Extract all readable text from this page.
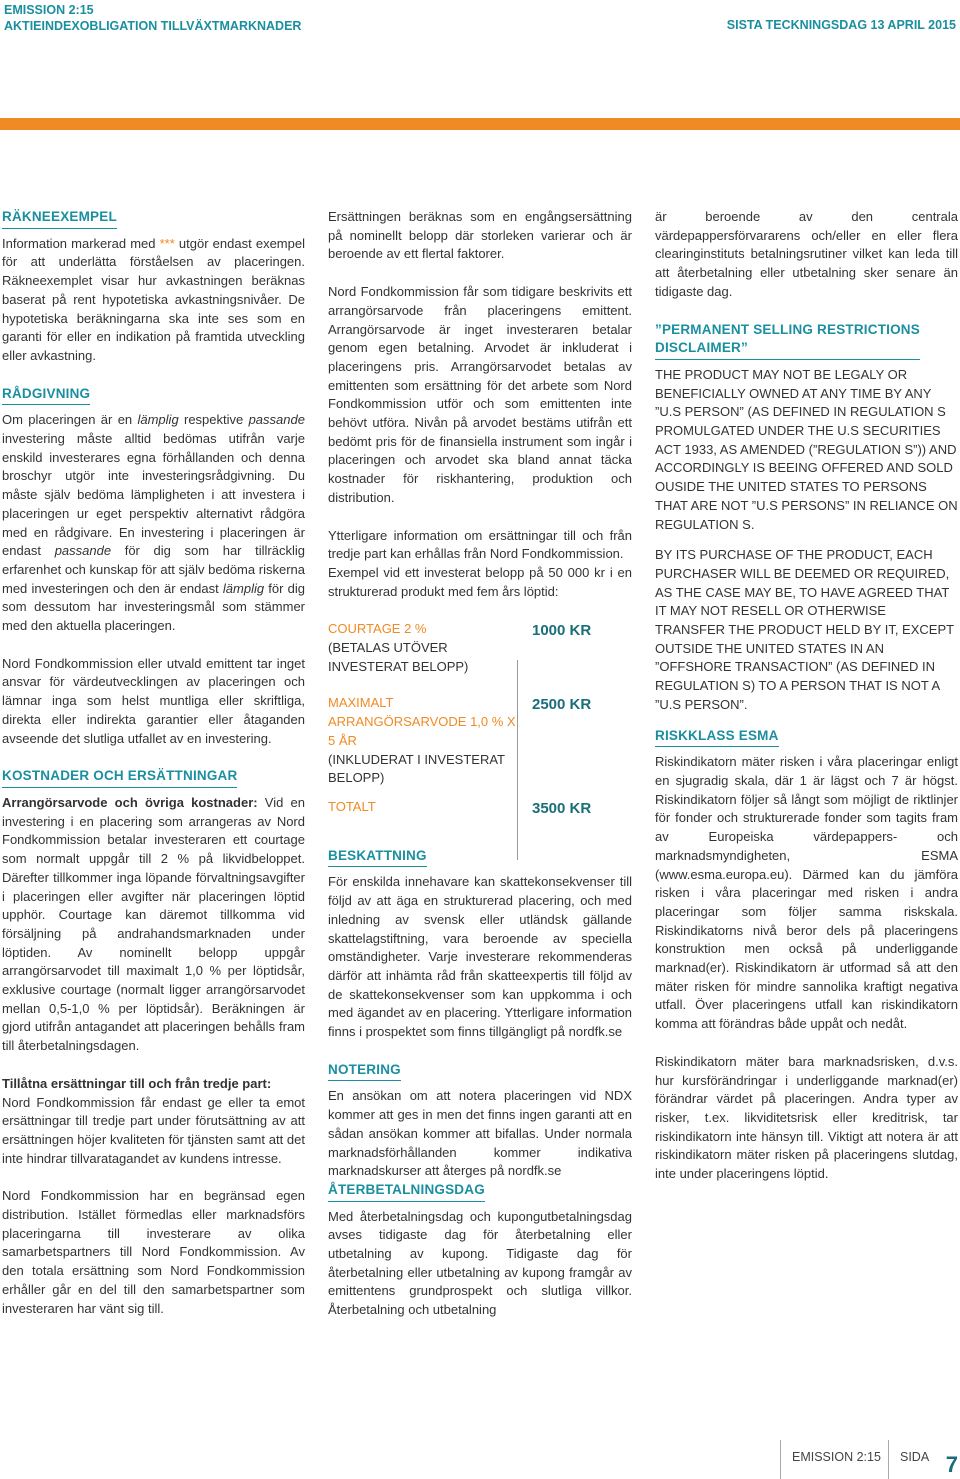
EMISSION 2:15
AKTIEINDEXOBLIGATION TILLVÄXTMARKNADER	SISTA TECKNINGSDAG 13 APRIL 2015
RÄKNEEXEMPEL

Information markerad med *** utgör endast exempel för att underlätta förståelsen av placeringen. Räkneexemplet visar hur avkastningen beräknas baserat på rent hypotetiska avkastningsnivåer. De hypotetiska beräkningarna ska inte ses som en garanti för eller en indikation på framtida utveckling eller avkastning.

RÅDGIVNING

Om placeringen är en lämplig respektive passande investering måste alltid bedömas utifrån varje enskild investerares egna förhållanden och denna broschyr utgör inte investeringsrådgivning. Du måste själv bedöma lämpligheten i att investera i placeringen ur eget perspektiv alternativt rådgöra med en rådgivare. En investering i placeringen är endast passande för dig som har tillräcklig erfarenhet och kunskap för att själv bedöma riskerna med investeringen och den är endast lämplig för dig som dessutom har investeringsmål som stämmer med den aktuella placeringen.

Nord Fondkommission eller utvald emittent tar inget ansvar för värdeutvecklingen av placeringen och lämnar inga som helst muntliga eller skriftliga, direkta eller indirekta garantier eller åtaganden avseende det slutliga utfallet av en investering.

KOSTNADER OCH ERSÄTTNINGAR

Arrangörsarvode och övriga kostnader: Vid en investering i en placering som arrangeras av Nord Fondkommission betalar investeraren ett courtage som normalt uppgår till 2 % på likvidbeloppet. Därefter tillkommer inga löpande förvaltningsavgifter i placeringen eller avgifter när placeringen löptid upphör. Courtage kan däremot tillkomma vid försäljning på andrahandsmarknaden under löptiden. Av nominellt belopp uppgår arrangörsarvodet till maximalt 1,0 % per löptidsår, exklusive courtage (normalt ligger arrangörsarvodet mellan 0,5-1,0 % per löptidsår). Beräkningen är gjord utifrån antagandet att placeringen behålls fram till återbetalningsdagen.

Tillåtna ersättningar till och från tredje part:
Nord Fondkommission får endast ge eller ta emot ersättningar till tredje part under förutsättning av att ersättningen höjer kvaliteten för tjänsten samt att det inte hindrar tillvaratagandet av kundens intresse.

Nord Fondkommission har en begränsad egen distribution. Istället förmedlas eller marknadsförs placeringarna till investerare av olika samarbetspartners till Nord Fondkommission. Av den totala ersättning som Nord Fondkommission erhåller går en del till den samarbetspartner som investeraren har vänt sig till.

Ersättningen beräknas som en engångsersättning på nominellt belopp där storleken varierar och är beroende av ett flertal faktorer.

Nord Fondkommission får som tidigare beskrivits ett arrangörsarvode från placeringens emittent. Arrangörsarvode är inget investeraren betalar genom egen betalning. Arvodet är inkluderat i placeringens pris. Arrangörsarvodet betalas av emittenten som ersättning för det arbete som Nord Fondkommission utför och som emittenten inte behövt utföra. Nivån på arvodet bestäms utifrån ett bedömt pris för de finansiella instrument som ingår i placeringen och arvodet ska bland annat täcka kostnader för riskhantering, produktion och distribution.

Ytterligare information om ersättningar till och från tredje part kan erhållas från Nord Fondkommission.

Exempel vid ett investerat belopp på 50 000 kr i en strukturerad produkt med fem års löptid:

COURTAGE 2 %
(BETALAS UTÖVER INVESTERAT BELOPP)
1000 KR
MAXIMALT ARRANGÖRSARVODE 1,0 % X 5 ÅR
(INKLUDERAT I INVESTERAT BELOPP)
2500 KR
TOTALT	3500 KR
BESKATTNING

För enskilda innehavare kan skattekonsekvenser till följd av att äga en strukturerad placering, och med inledning av svensk eller utländsk gällande skattelagstiftning, vara beroende av speciella omständigheter. Varje investerare rekommenderas därför att inhämta råd från skatteexpertis till följd av de skattekonsekvenser som kan uppkomma i och med ägandet av en placering. Ytterligare information finns i prospektet som finns tillgängligt på nordfk.se

NOTERING

En ansökan om att notera placeringen vid NDX kommer att ges in men det finns ingen garanti att en sådan ansökan kommer att bifallas. Under normala marknadsförhållanden kommer indikativa marknadskurser att återges på nordfk.se

ÅTERBETALNINGSDAG

Med återbetalningsdag och kupongutbetalningsdag avses tidigaste dag för återbetalning eller utbetalning av kupong. Tidigaste dag för återbetalning eller utbetalning av kupong framgår av emittentens grundprospekt och slutliga villkor. Återbetalning och utbetalning

är beroende av den centrala värdepappersförvararens och/eller en eller flera clearinginstituts betalningsrutiner vilket kan leda till att återbetalning eller utbetalning sker senare än tidigaste dag.

”PERMANENT SELLING RESTRICTIONS
DISCLAIMER”

THE PRODUCT MAY NOT BE LEGALY OR BENEFICIALLY OWNED AT ANY TIME BY ANY ”U.S PERSON” (AS DEFINED IN REGULATION S PROMULGATED UNDER THE U.S SECURITIES ACT 1933, AS AMENDED (”REGULATION S”)) AND ACCORDINGLY IS BEEING OFFERED AND SOLD OUSIDE THE UNITED STATES TO PERSONS THAT ARE NOT ”U.S PERSONS” IN RELIANCE ON REGULATION S.

BY ITS PURCHASE OF THE PRODUCT, EACH PURCHASER WILL BE DEEMED OR REQUIRED, AS THE CASE MAY BE, TO HAVE AGREED THAT IT MAY NOT RESELL OR OTHERWISE TRANSFER THE PRODUCT HELD BY IT, EXCEPT OUTSIDE THE UNITED STATES IN AN ”OFFSHORE TRANSACTION” (AS DEFINED IN REGULATION S) TO A PERSON THAT IS NOT A ”U.S PERSON”.

RISKKLASS ESMA

Riskindikatorn mäter risken i våra placeringar enligt en sjugradig skala, där 1 är lägst och 7 är högst. Riskindikatorn följer så långt som möjligt de riktlinjer för fonder och strukturerade fonder som tagits fram av Europeiska värdepappers- och marknadsmyndigheten, ESMA (www.esma.europa.eu). Därmed kan du jämföra risken i våra placeringar med risken i andra placeringar som följer samma riskskala. Riskindikatorns nivå beror dels på placeringens konstruktion men också på underliggande marknad(er). Riskindikatorn är utformad så att den mäter risken för mindre sannolika kraftigt negativa utfall. Över placeringens utfall kan riskindikatorn komma att förändras både uppåt och nedåt.

Riskindikatorn mäter bara marknadsrisken, d.v.s. hur kursförändringar i underliggande marknad(er) förändrar värdet på placeringen. Andra typer av risker, t.ex. likviditetsrisk eller kreditrisk, tar riskindikatorn inte hänsyn till. Viktigt att notera är att riskindikatorn mäter risken på placeringens slutdag, inte under placeringens löptid.

EMISSION 2:15 SIDA 7
